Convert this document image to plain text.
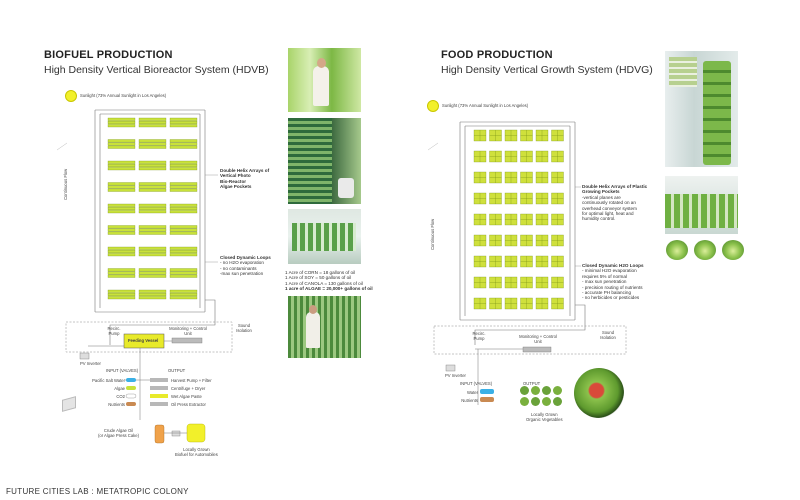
BIOFUEL PRODUCTION
High Density Vertical Bioreactor System (HDVB)
FOOD PRODUCTION
High Density Vertical Growth System (HDVG)
Sunlight (73% Annual Sunlight in Los Angeles)
Sunlight (73% Annual Sunlight in Los Angeles)
Continuous Flow
Continuous Flow
Double Helix Arrays of
Vertical Photo
Bio-Reactor
Algae Pockets
Closed Dynamic Loops
- no H2O evaporation
- no contaminants
-max sun penetration	1 Acre of CORN = 18 gallons of oil
1 Acre of SOY = 50 gallons of oil
1 Acre of CANOLA = 130 gallons of oil
1 acre of ALGAE = 20,000+ gallons of oil
Recirc. Pump
Feeding Vessel
Monitoring + Control Unit
Sound Isolation
PV Inverter
INPUT (VALVES)	OUTPUT
Pacific Salt Water
Algae
CO2
Nutrients
Harvest Pump + Filter
Centrifuge + Dryer
Wet Algae Paste
Oil Press Extractor
Crude Algae Oil
(or Algae Press Cake)
Locally Grown
Biofuel for Automobiles
Double Helix Arrays of Plastic Growing Pockets
-vertical planes are
continuously rotated on an
overhead conveyor system
for optimal light, heat and
humidity control.
Closed Dynamic H2O Loops
- minimal H2O evaporation
requires 5% of normal
- max sun penetration
- precision routing of nutrients
- accurate PH balancing
- no herbicides or pesticides
Recirc. Pump	Monitoring + Control Unit
Sound Isolation
PV Inverter
INPUT (VALVES)	OUTPUT
Water
Nutrients
Locally Grown
Organic Vegetables
FUTURE CITIES LAB : METATROPIC COLONY
